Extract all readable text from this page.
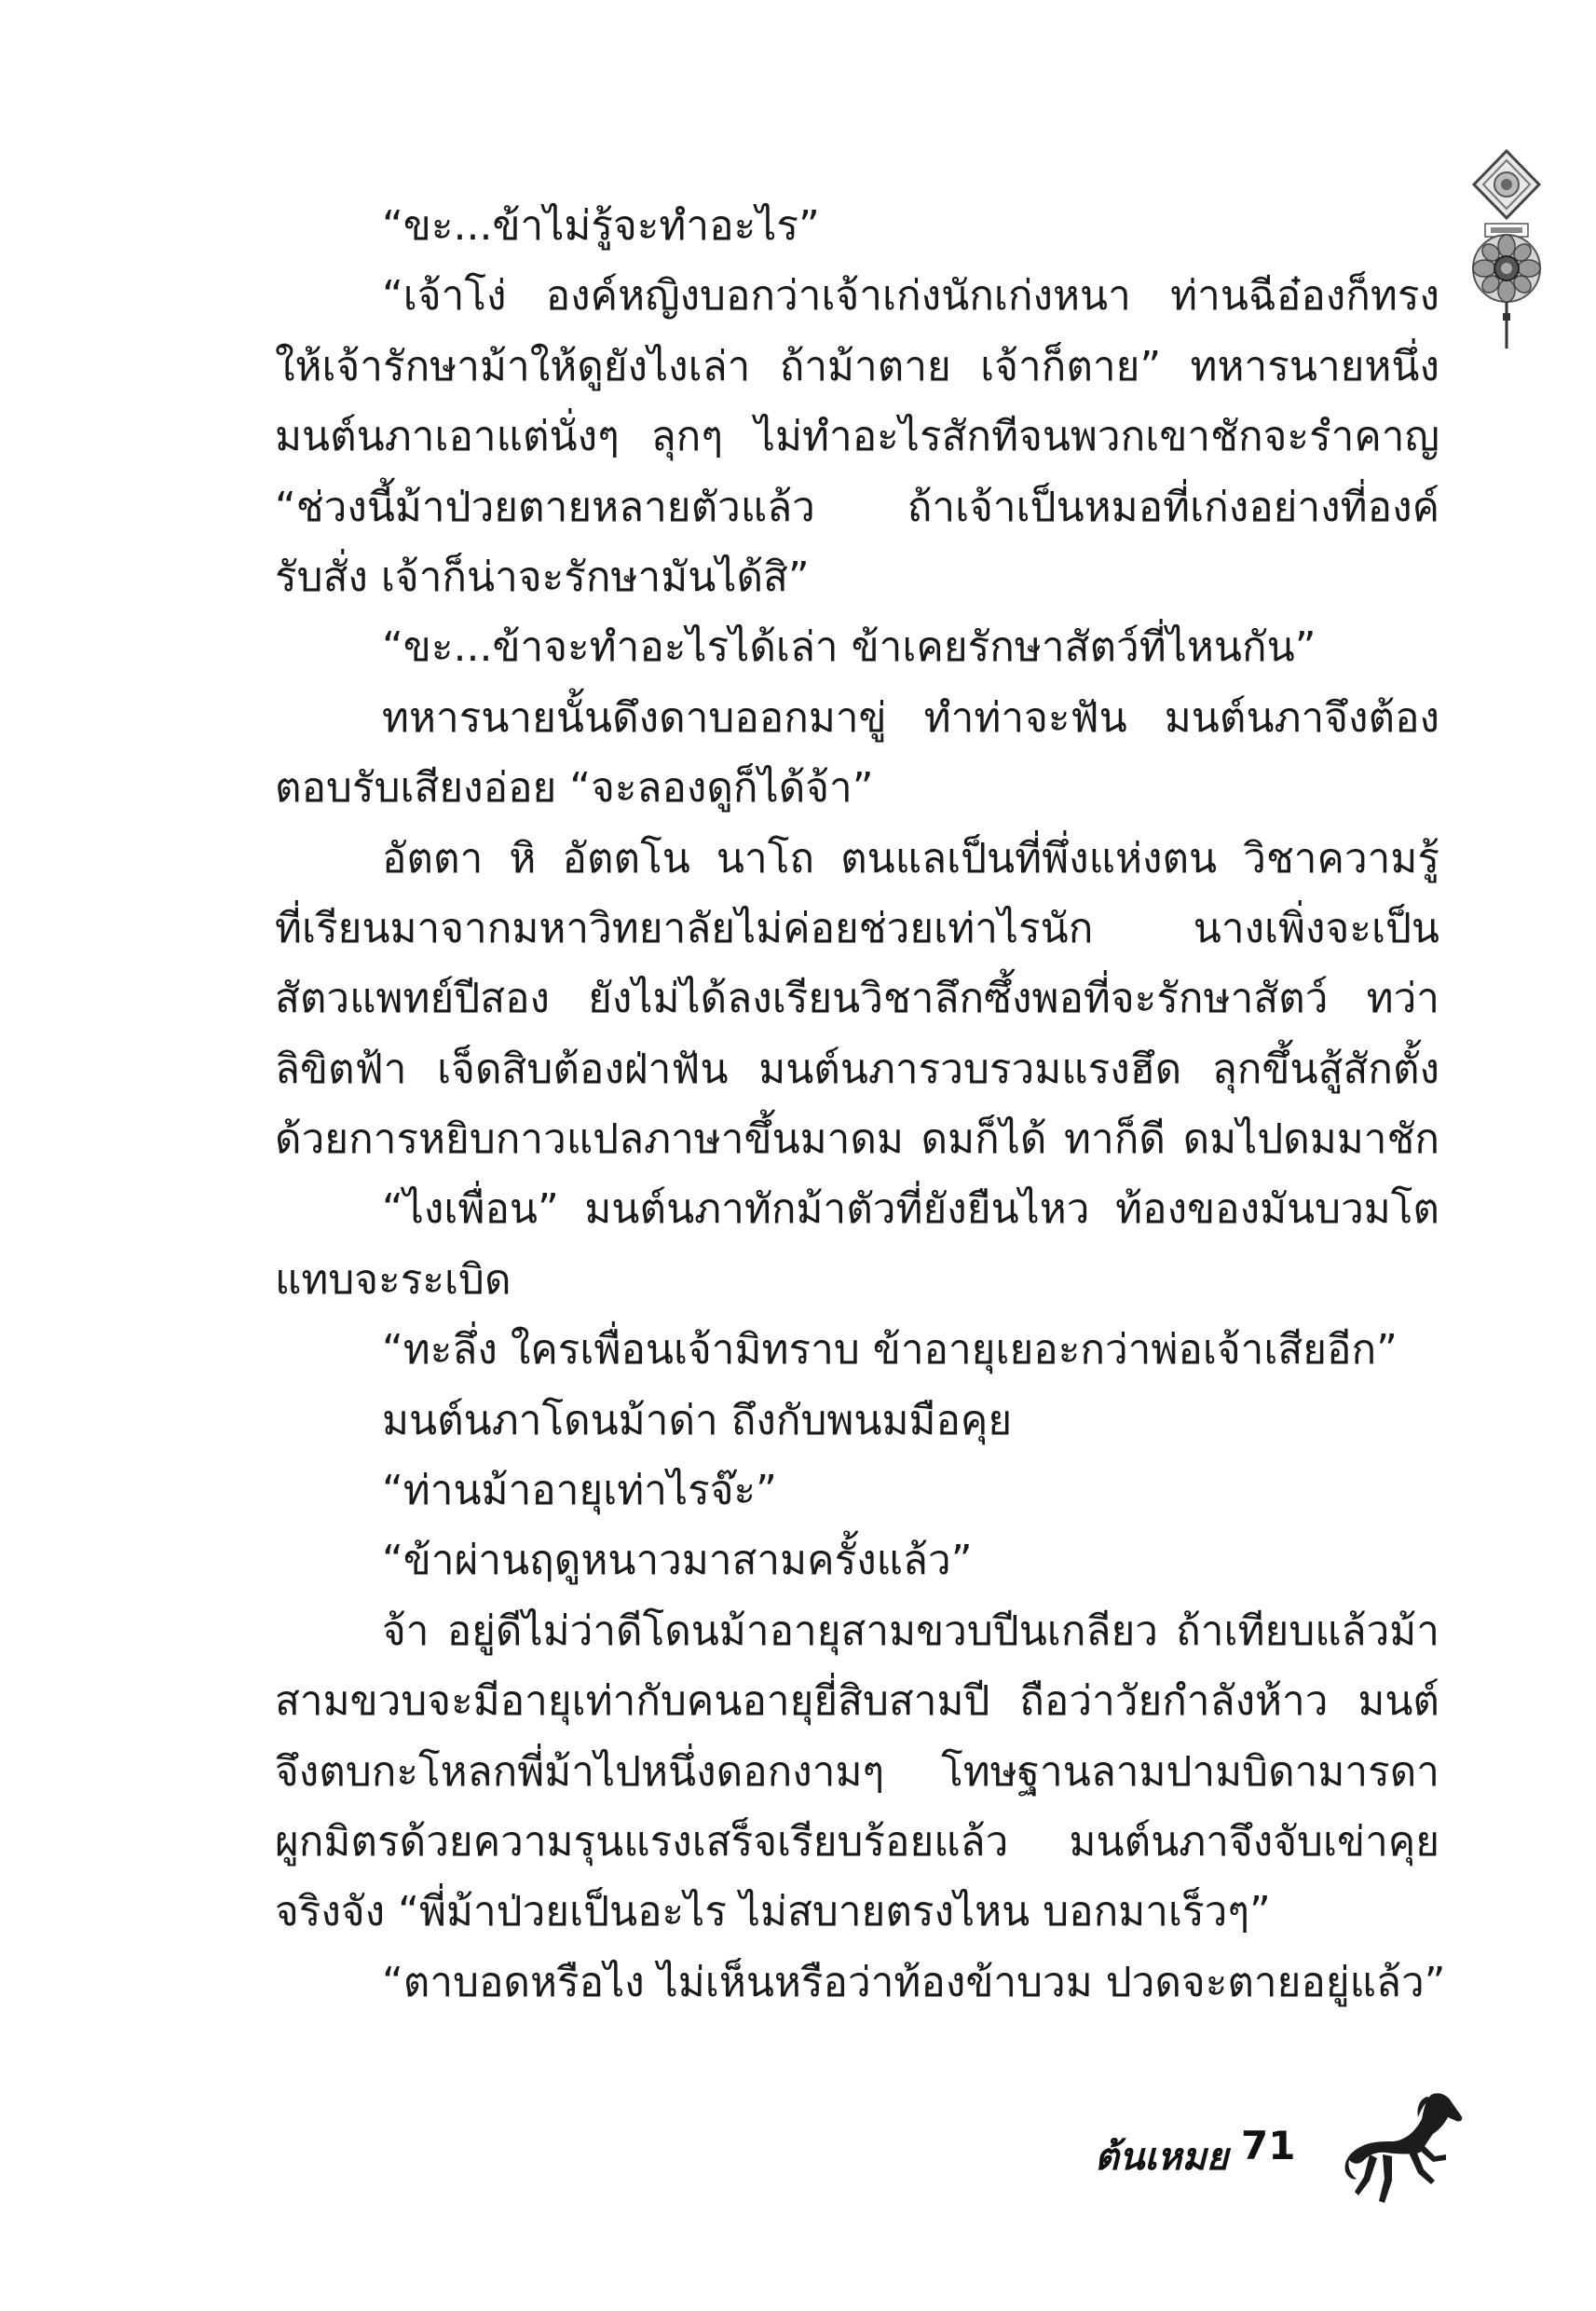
“ขะ...ข้าไม่รู้จะทำอะไร”
“เจ้าโง่ องค์หญิงบอกว่าเจ้าเก่งนักเก่งหนา ท่านฉีอ๋องก็ทรง
ให้เจ้ารักษาม้าให้ดูยังไงเล่า ถ้าม้าตาย เจ้าก็ตาย” ทหารนายหนึ่ง
มนต์นภาเอาแต่นั่งๆ ลุกๆ ไม่ทำอะไรสักทีจนพวกเขาชักจะรำคาญ
“ช่วงนี้ม้าป่วยตายหลายตัวแล้ว ถ้าเจ้าเป็นหมอที่เก่งอย่างที่องค์
รับสั่ง เจ้าก็น่าจะรักษามันได้สิ”
“ขะ...ข้าจะทำอะไรได้เล่า ข้าเคยรักษาสัตว์ที่ไหนกัน”
ทหารนายนั้นดึงดาบออกมาขู่ ทำท่าจะฟัน มนต์นภาจึงต้อง
ตอบรับเสียงอ่อย “จะลองดูก็ได้จ้า”
อัตตา หิ อัตตโน นาโถ ตนแลเป็นที่พึ่งแห่งตน วิชาความรู้
ที่เรียนมาจากมหาวิทยาลัยไม่ค่อยช่วยเท่าไรนัก นางเพิ่งจะเป็น
สัตวแพทย์ปีสอง ยังไม่ได้ลงเรียนวิชาลึกซึ้งพอที่จะรักษาสัตว์ ทว่า
ลิขิตฟ้า เจ็ดสิบต้องฝ่าฟัน มนต์นภารวบรวมแรงฮึด ลุกขึ้นสู้สักตั้ง
ด้วยการหยิบกาวแปลภาษาขึ้นมาดม ดมก็ได้ ทาก็ดี ดมไปดมมาชัก
“ไงเพื่อน” มนต์นภาทักม้าตัวที่ยังยืนไหว ท้องของมันบวมโต
แทบจะระเบิด
“ทะลึ่ง ใครเพื่อนเจ้ามิทราบ ข้าอายุเยอะกว่าพ่อเจ้าเสียอีก”
มนต์นภาโดนม้าด่า ถึงกับพนมมือคุย
“ท่านม้าอายุเท่าไรจ๊ะ”
“ข้าผ่านฤดูหนาวมาสามครั้งแล้ว”
จ้า อยู่ดีไม่ว่าดีโดนม้าอายุสามขวบปีนเกลียว ถ้าเทียบแล้วม้า
สามขวบจะมีอายุเท่ากับคนอายุยี่สิบสามปี ถือว่าวัยกำลังห้าว มนต์
จึงตบกะโหลกพี่ม้าไปหนึ่งดอกงามๆ โทษฐานลามปามบิดามารดา
ผูกมิตรด้วยความรุนแรงเสร็จเรียบร้อยแล้ว มนต์นภาจึงจับเข่าคุย
จริงจัง “พี่ม้าป่วยเป็นอะไร ไม่สบายตรงไหน บอกมาเร็วๆ”
“ตาบอดหรือไง ไม่เห็นหรือว่าท้องข้าบวม ปวดจะตายอยู่แล้ว”
ต้นเหมย 71
